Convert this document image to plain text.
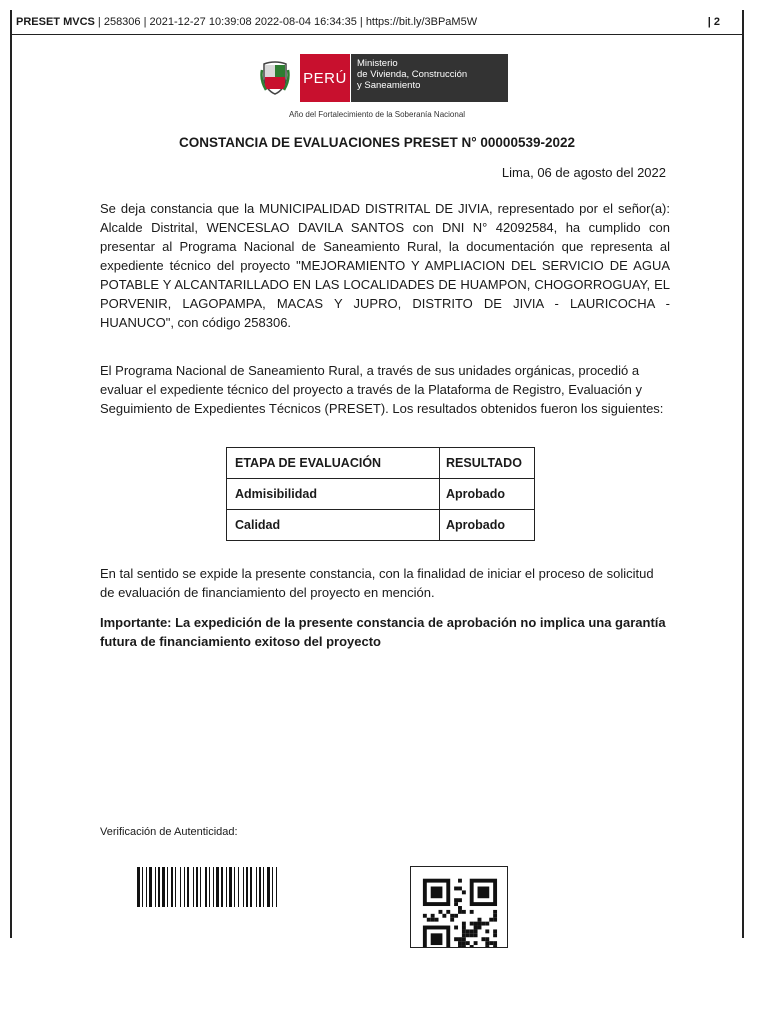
PRESET MVCS | 258306 | 2021-12-27 10:39:08 2022-08-04 16:34:35 | https://bit.ly/3BPaM5W	| 2
PERÚ
Ministerio
de Vivienda, Construcción
y Saneamiento
Año del Fortalecimiento de la Soberanía Nacional
CONSTANCIA DE EVALUACIONES PRESET N° 00000539-2022
Lima, 06 de agosto del 2022
Se deja constancia que la MUNICIPALIDAD DISTRITAL DE JIVIA, representado por el señor(a): Alcalde Distrital, WENCESLAO DAVILA SANTOS con DNI N° 42092584, ha cumplido con presentar al Programa Nacional de Saneamiento Rural, la documentación que representa al expediente técnico del proyecto "MEJORAMIENTO Y AMPLIACION DEL SERVICIO DE AGUA POTABLE Y ALCANTARILLADO EN LAS LOCALIDADES DE HUAMPON, CHOGORROGUAY, EL PORVENIR, LAGOPAMPA, MACAS Y JUPRO, DISTRITO DE JIVIA - LAURICOCHA - HUANUCO", con código 258306.
El Programa Nacional de Saneamiento Rural, a través de sus unidades orgánicas, procedió a evaluar el expediente técnico del proyecto a través de la Plataforma de Registro, Evaluación y Seguimiento de Expedientes Técnicos (PRESET). Los resultados obtenidos fueron los siguientes:
ETAPA DE EVALUACIÓN	RESULTADO
Admisibilidad	Aprobado
Calidad	Aprobado
En tal sentido se expide la presente constancia, con la finalidad de iniciar el proceso de solicitud de evaluación de financiamiento del proyecto en mención.
Importante: La expedición de la presente constancia de aprobación no implica una garantía futura de financiamiento exitoso del proyecto
Verificación de Autenticidad:
